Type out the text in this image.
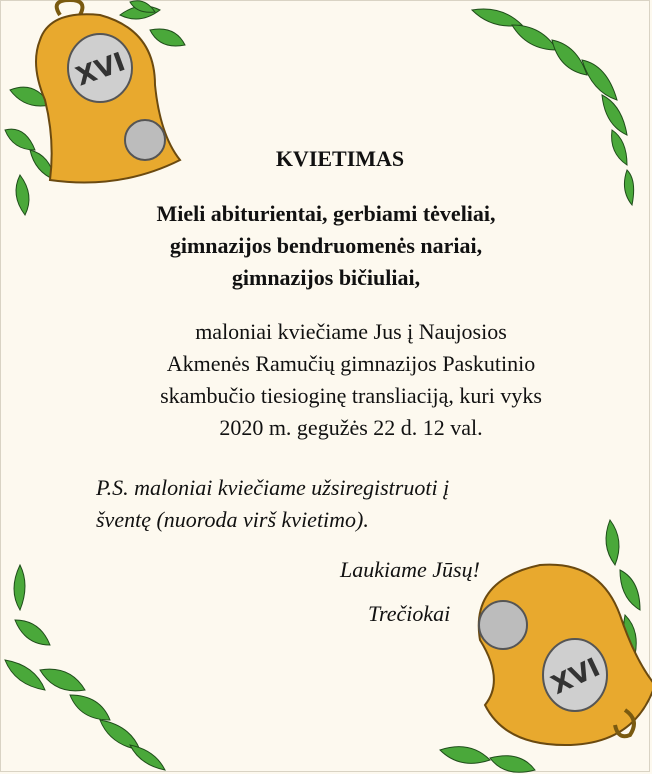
XVI
XVI
KVIETIMAS
Mieli abiturientai, gerbiami tėveliai,
gimnazijos bendruomenės nariai,
gimnazijos bičiuliai,
maloniai kviečiame Jus į Naujosios
Akmenės Ramučių gimnazijos Paskutinio
skambučio tiesioginę transliaciją, kuri vyks
2020 m. gegužės 22 d. 12 val.
P.S. maloniai kviečiame užsiregistruoti į
šventę (nuoroda virš kvietimo).
Laukiame Jūsų!
Trečiokai
